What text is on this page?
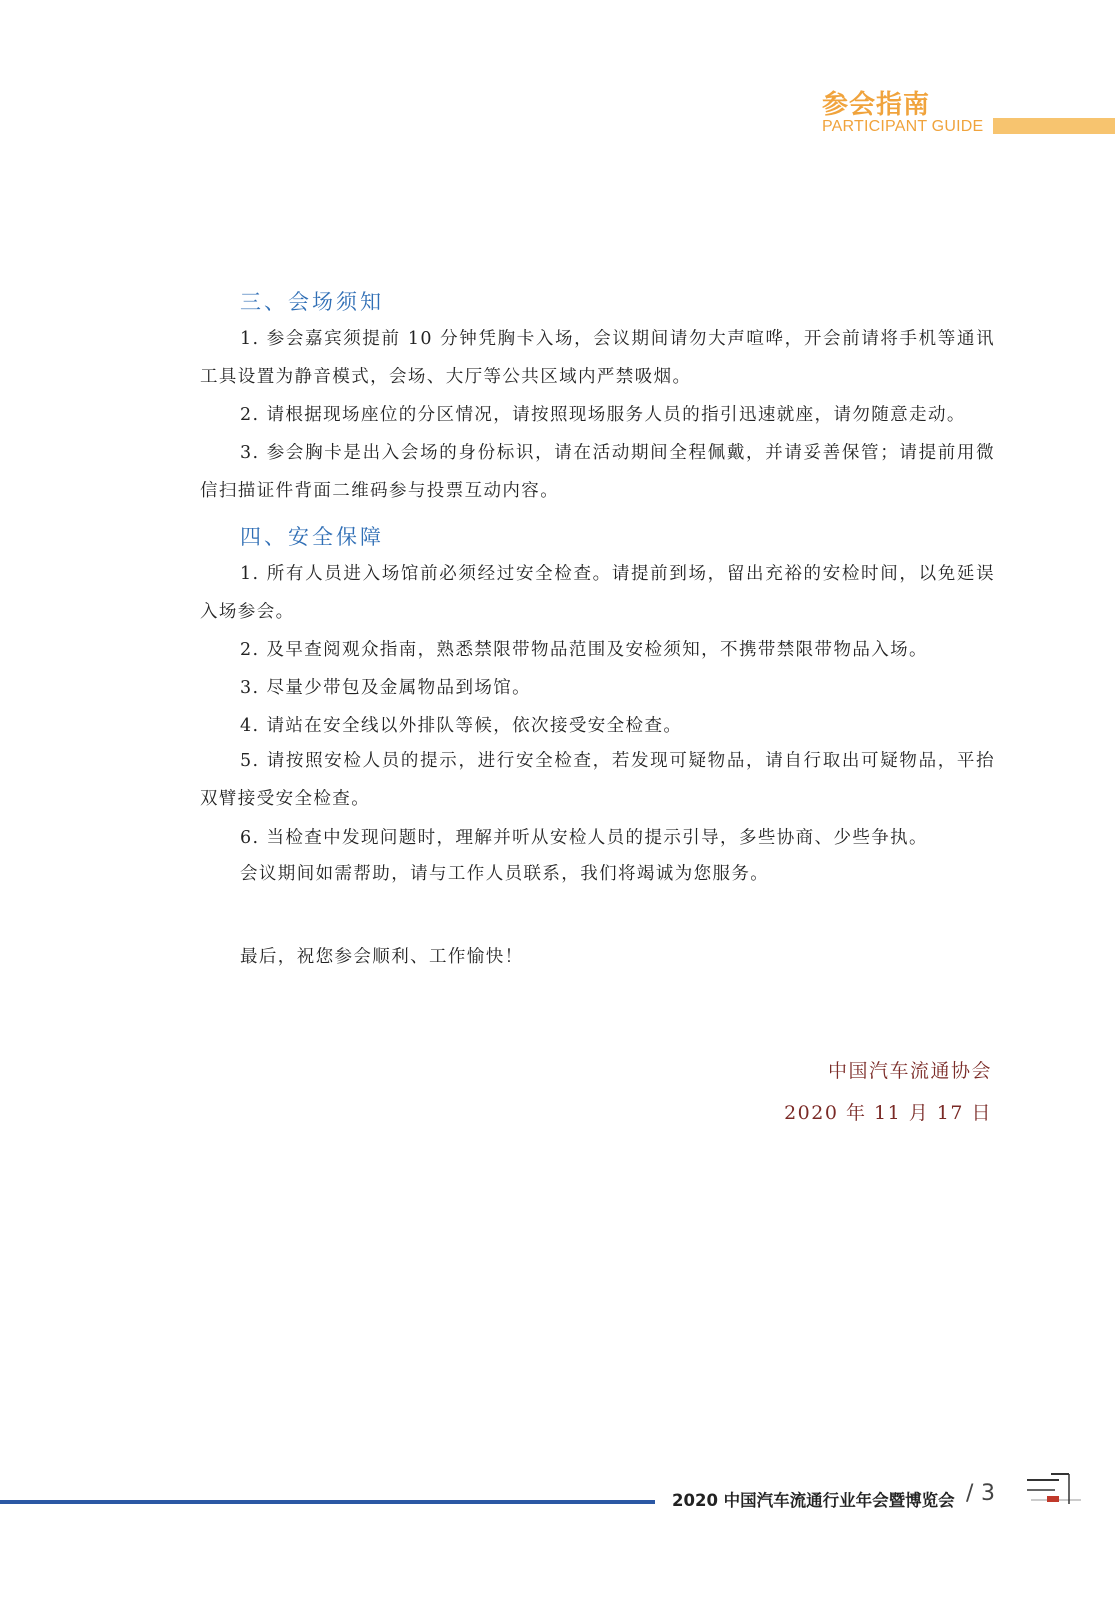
参会指南
PARTICIPANT GUIDE
三、会场须知
1. 参会嘉宾须提前 10 分钟凭胸卡入场，会议期间请勿大声喧哗，开会前请将手机等通讯工具设置为静音模式，会场、大厅等公共区域内严禁吸烟。
2. 请根据现场座位的分区情况，请按照现场服务人员的指引迅速就座，请勿随意走动。
3. 参会胸卡是出入会场的身份标识，请在活动期间全程佩戴，并请妥善保管；请提前用微信扫描证件背面二维码参与投票互动内容。
四、安全保障
1. 所有人员进入场馆前必须经过安全检查。请提前到场，留出充裕的安检时间，以免延误入场参会。
2. 及早查阅观众指南，熟悉禁限带物品范围及安检须知，不携带禁限带物品入场。
3. 尽量少带包及金属物品到场馆。
4. 请站在安全线以外排队等候，依次接受安全检查。
5. 请按照安检人员的提示，进行安全检查，若发现可疑物品，请自行取出可疑物品，平抬双臂接受安全检查。
6. 当检查中发现问题时，理解并听从安检人员的提示引导，多些协商、少些争执。
会议期间如需帮助，请与工作人员联系，我们将竭诚为您服务。
最后，祝您参会顺利、工作愉快！
中国汽车流通协会
2020 年 11 月 17 日
2020 中国汽车流通行业年会暨博览会 / 3
